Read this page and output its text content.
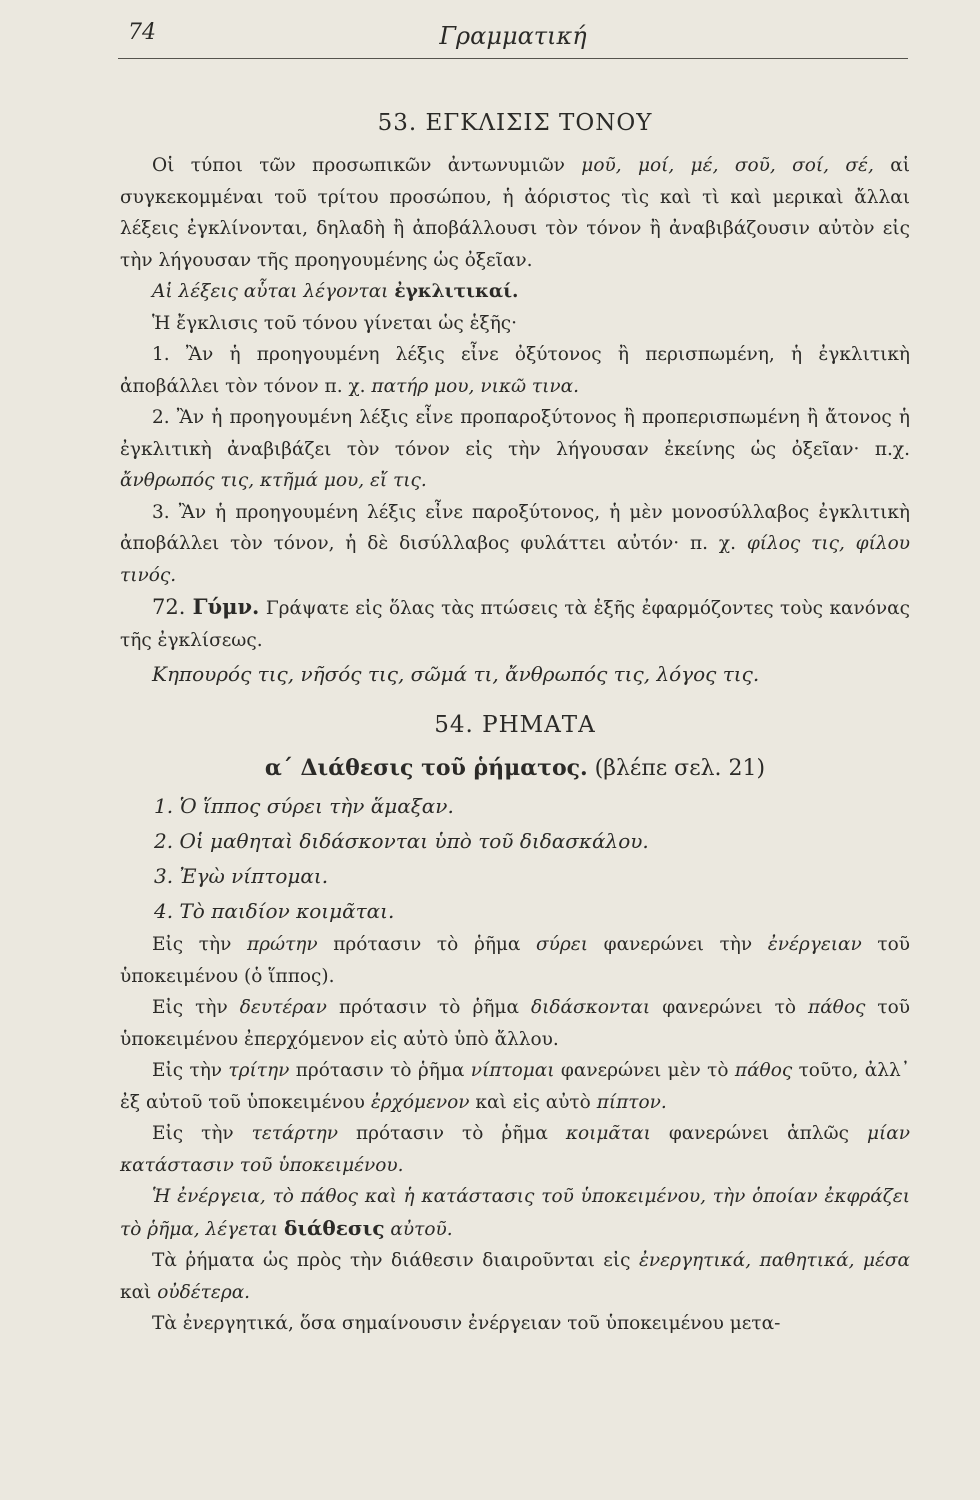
74	Γραμματική
53. ΕΓΚΛΙΣΙΣ ΤΟΝΟΥ

Οἱ τύποι τῶν προσωπικῶν ἀντωνυμιῶν μοῦ, μοί, μέ, σοῦ, σοί, σέ, αἱ συγκεκομμέναι τοῦ τρίτου προσώπου, ἡ ἀόριστος τὶς καὶ τὶ καὶ μερικαὶ ἄλλαι λέξεις ἐγκλίνονται, δηλαδὴ ἢ ἀποβάλλουσι τὸν τόνον ἢ ἀναβιβάζουσιν αὐτὸν εἰς τὴν λήγουσαν τῆς προηγουμένης ὡς ὀξεῖαν.

Αἱ λέξεις αὗται λέγονται ἐγκλιτικαί.

Ἡ ἔγκλισις τοῦ τόνου γίνεται ὡς ἑξῆς·

1. Ἂν ἡ προηγουμένη λέξις εἶνε ὀξύτονος ἢ περισπωμένη, ἡ ἐγκλιτικὴ ἀποβάλλει τὸν τόνον π. χ. πατήρ μου, νικῶ τινα.

2. Ἂν ἡ προηγουμένη λέξις εἶνε προπαροξύτονος ἢ προπερισπωμένη ἢ ἄτονος ἡ ἐγκλιτικὴ ἀναβιβάζει τὸν τόνον εἰς τὴν λήγουσαν ἐκείνης ὡς ὀξεῖαν· π.χ. ἄνθρωπός τις, κτῆμά μου, εἴ τις.

3. Ἂν ἡ προηγουμένη λέξις εἶνε παροξύτονος, ἡ μὲν μονοσύλλαβος ἐγκλιτικὴ ἀποβάλλει τὸν τόνον, ἡ δὲ δισύλλαβος φυλάττει αὐτόν· π. χ. φίλος τις, φίλου τινός.

72. Γύμν. Γράψατε εἰς ὅλας τὰς πτώσεις τὰ ἑξῆς ἐφαρμόζοντες τοὺς κανόνας τῆς ἐγκλίσεως.

Κηπουρός τις, νῆσός τις, σῶμά τι, ἄνθρωπός τις, λόγος τις.

54. ΡΗΜΑΤΑ
α΄ Διάθεσις τοῦ ῥήματος. (βλέπε σελ. 21)
1. Ὁ ἵππος σύρει τὴν ἅμαξαν.
2. Οἱ μαθηταὶ διδάσκονται ὑπὸ τοῦ διδασκάλου.
3. Ἐγὼ νίπτομαι.
4. Τὸ παιδίον κοιμᾶται.

Εἰς τὴν πρώτην πρότασιν τὸ ῥῆμα σύρει φανερώνει τὴν ἐνέργειαν τοῦ ὑποκειμένου (ὁ ἵππος).

Εἰς τὴν δευτέραν πρότασιν τὸ ῥῆμα διδάσκονται φανερώνει τὸ πάθος τοῦ ὑποκειμένου ἐπερχόμενον εἰς αὐτὸ ὑπὸ ἄλλου.

Εἰς τὴν τρίτην πρότασιν τὸ ῥῆμα νίπτομαι φανερώνει μὲν τὸ πάθος τοῦτο, ἀλλ᾽ ἐξ αὐτοῦ τοῦ ὑποκειμένου ἐρχόμενον καὶ εἰς αὐτὸ πίπτον.

Εἰς τὴν τετάρτην πρότασιν τὸ ῥῆμα κοιμᾶται φανερώνει ἁπλῶς μίαν κατάστασιν τοῦ ὑποκειμένου.

Ἡ ἐνέργεια, τὸ πάθος καὶ ἡ κατάστασις τοῦ ὑποκειμένου, τὴν ὁποίαν ἐκφράζει τὸ ῥῆμα, λέγεται διάθεσις αὐτοῦ.

Τὰ ῥήματα ὡς πρὸς τὴν διάθεσιν διαιροῦνται εἰς ἐνεργητικά, παθητικά, μέσα καὶ οὐδέτερα.

Τὰ ἐνεργητικά, ὅσα σημαίνουσιν ἐνέργειαν τοῦ ὑποκειμένου μετα-
